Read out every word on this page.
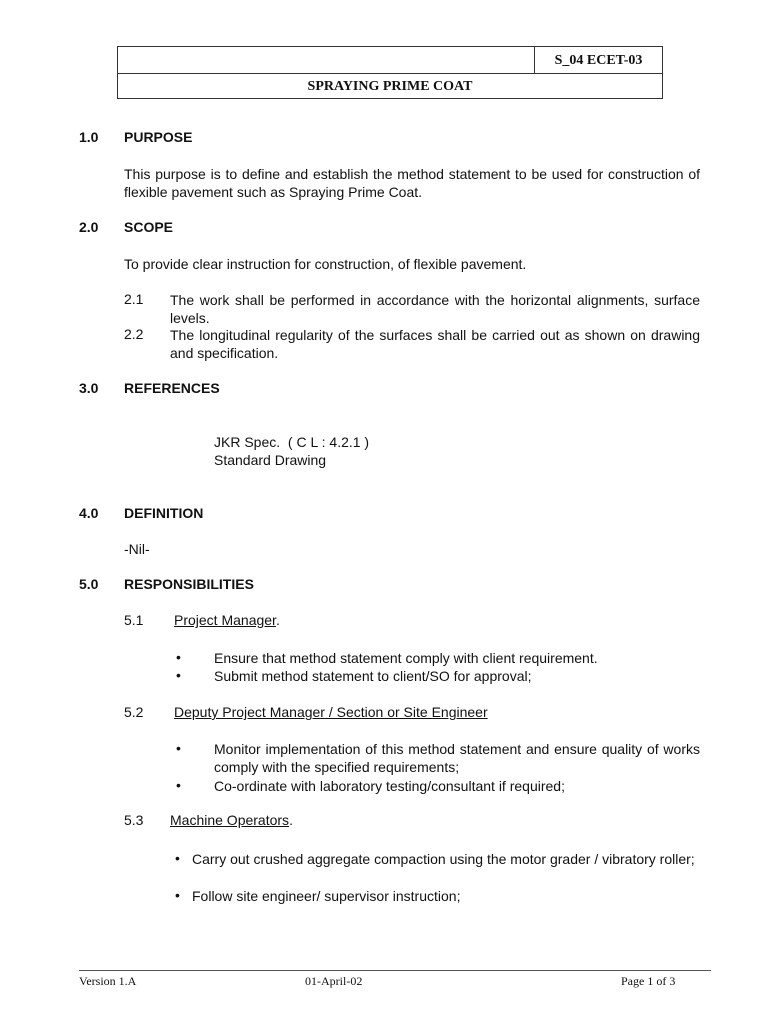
S_04 ECET-03
SPRAYING PRIME COAT
1.0 PURPOSE
This purpose is to define and establish the method statement to be used for construction of flexible pavement such as Spraying Prime Coat.
2.0 SCOPE
To provide clear instruction for construction, of flexible pavement.
2.1 The work shall be performed in accordance with the horizontal alignments, surface levels.
2.2 The longitudinal regularity of the surfaces shall be carried out as shown on drawing and specification.
3.0 REFERENCES
JKR Spec.  ( C L : 4.2.1 )
Standard Drawing
4.0 DEFINITION
-Nil-
5.0 RESPONSIBILITIES
5.1 Project Manager.
• Ensure that method statement comply with client requirement.
• Submit method statement to client/SO for approval;
5.2 Deputy Project Manager / Section or Site Engineer
• Monitor implementation of this method statement and ensure quality of works comply with the specified requirements;
• Co-ordinate with laboratory testing/consultant if required;
5.3 Machine Operators.
• Carry out crushed aggregate compaction using the motor grader / vibratory roller;
• Follow site engineer/ supervisor instruction;
Version 1.A	01-April-02	Page 1 of 3
